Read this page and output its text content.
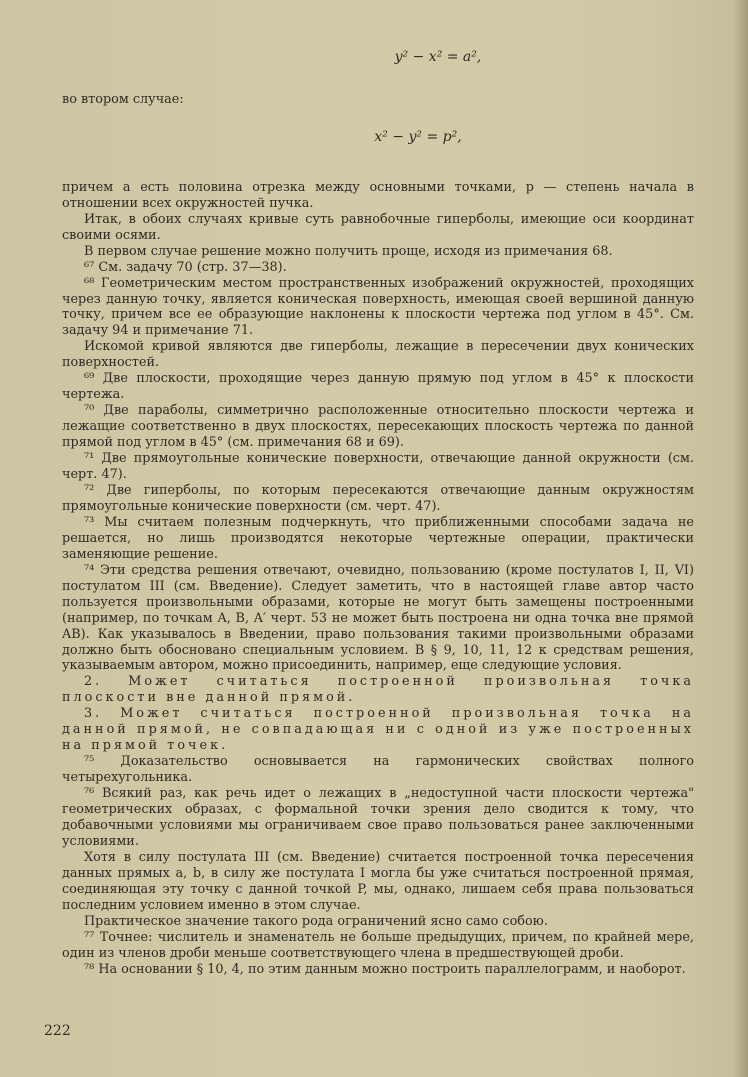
y² − x² = a²,

во втором случае:

x² − y² = p²,

причем a есть половина отрезка между основными точками, p — степень начала в отношении всех окружностей пучка.

Итак, в обоих случаях кривые суть равнобочные гиперболы, имеющие оси координат своими осями.

В первом случае решение можно получить проще, исходя из примечания 68.

⁶⁷ См. задачу 70 (стр. 37—38).

⁶⁸ Геометрическим местом пространственных изображений окружностей, проходящих через данную точку, является коническая поверхность, имеющая своей вершиной данную точку, причем все ее образующие наклонены к плоскости чертежа под углом в 45°. См. задачу 94 и примечание 71.

Искомой кривой являются две гиперболы, лежащие в пересечении двух конических поверхностей.

⁶⁹ Две плоскости, проходящие через данную прямую под углом в 45° к плоскости чертежа.

⁷⁰ Две параболы, симметрично расположенные относительно плоскости чертежа и лежащие соответственно в двух плоскостях, пересекающих плоскость чертежа по данной прямой под углом в 45° (см. примечания 68 и 69).

⁷¹ Две прямоугольные конические поверхности, отвечающие данной окружности (см. черт. 47).

⁷² Две гиперболы, по которым пересекаются отвечающие данным окружностям прямоугольные конические поверхности (см. черт. 47).

⁷³ Мы считаем полезным подчеркнуть, что приближенными способами задача не решается, но лишь производятся некоторые чертежные операции, практически заменяющие решение.

⁷⁴ Эти средства решения отвечают, очевидно, пользованию (кроме постулатов I, II, VI) постулатом III (см. Введение). Следует заметить, что в настоящей главе автор часто пользуется произвольными образами, которые не могут быть замещены построенными (например, по точкам A, B, A′ черт. 53 не может быть построена ни одна точка вне прямой AB). Как указывалось в Введении, право пользования такими произвольными образами должно быть обосновано специальным условием. В § 9, 10, 11, 12 к средствам решения, указываемым автором, можно присоединить, например, еще следующие условия.

2. Может считаться построенной произвольная точка плоскости вне данной прямой.

3. Может считаться построенной произвольная точка на данной прямой, не совпадающая ни с одной из уже построенных на прямой точек.

⁷⁵ Доказательство основывается на гармонических свойствах полного четырехугольника.

⁷⁶ Всякий раз, как речь идет о лежащих в „недоступной части плоскости чертежа" геометрических образах, с формальной точки зрения дело сводится к тому, что добавочными условиями мы ограничиваем свое право пользоваться ранее заключенными условиями.

Хотя в силу постулата III (см. Введение) считается построенной точка пересечения данных прямых a, b, в силу же постулата I могла бы уже считаться построенной прямая, соединяющая эту точку с данной точкой P, мы, однако, лишаем себя права пользоваться последним условием именно в этом случае.

Практическое значение такого рода ограничений ясно само собою.

⁷⁷ Точнее: числитель и знаменатель не больше предыдущих, причем, по крайней мере, один из членов дроби меньше соответствующего члена в предшествующей дроби.

⁷⁸ На основании § 10, 4, по этим данным можно построить параллелограмм, и наоборот.

222
